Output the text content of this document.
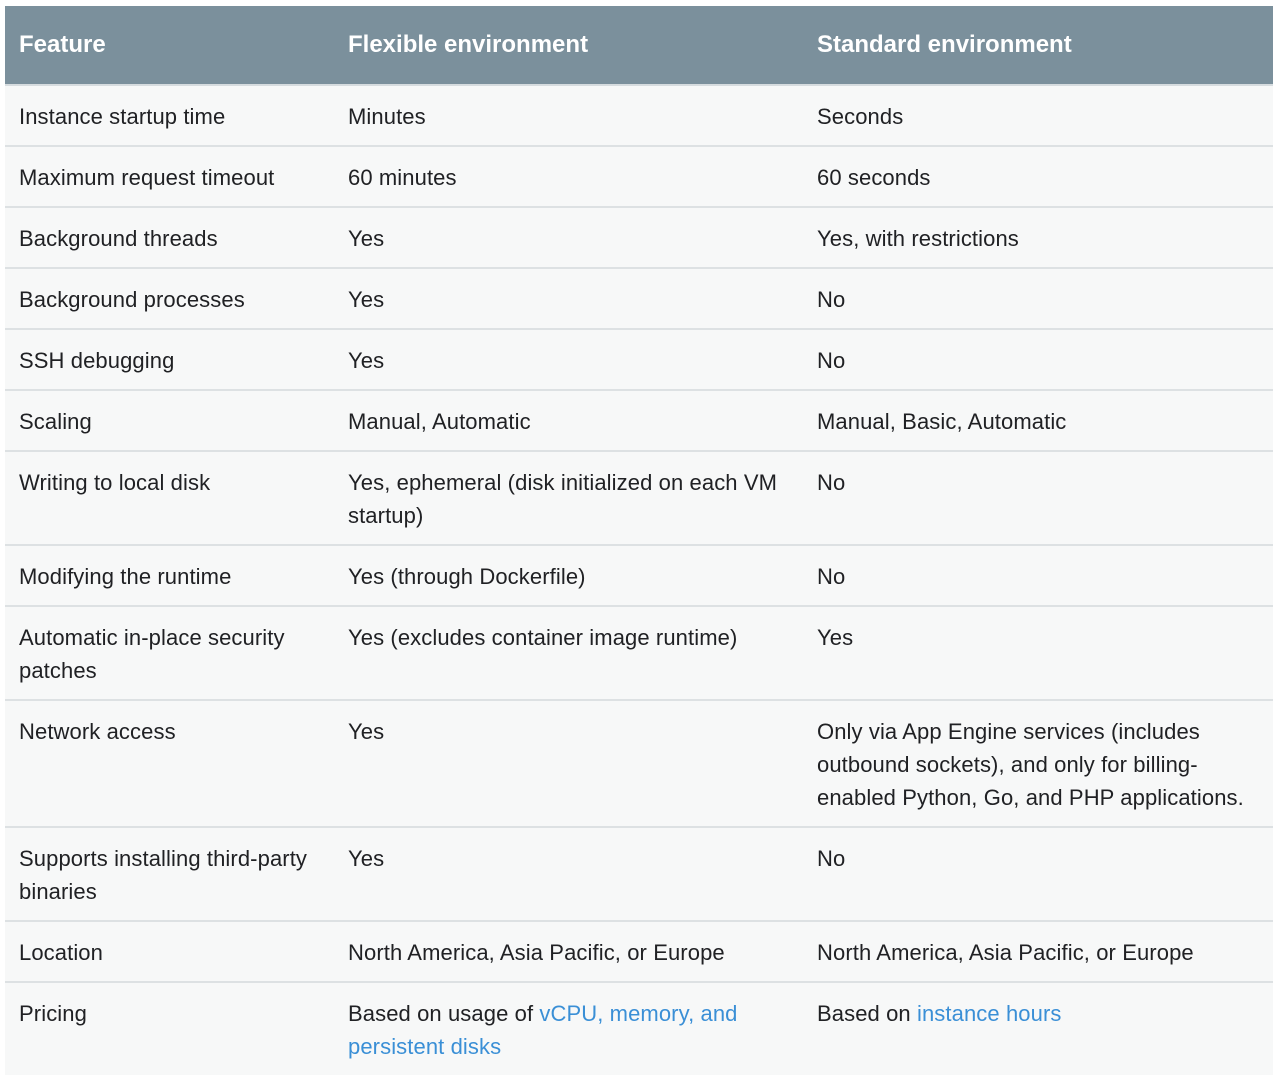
Feature	Flexible environment	Standard environment
Instance startup time	Minutes	Seconds
Maximum request timeout	60 minutes	60 seconds
Background threads	Yes	Yes, with restrictions
Background processes	Yes	No
SSH debugging	Yes	No
Scaling	Manual, Automatic	Manual, Basic, Automatic
Writing to local disk	Yes, ephemeral (disk initialized on each VM startup)	No
Modifying the runtime	Yes (through Dockerfile)	No
Automatic in-place security patches	Yes (excludes container image runtime)	Yes
Network access	Yes	Only via App Engine services (includes outbound sockets), and only for billing-enabled Python, Go, and PHP applications.
Supports installing third-party binaries	Yes	No
Location	North America, Asia Pacific, or Europe	North America, Asia Pacific, or Europe
Pricing	Based on usage of vCPU, memory, and persistent disks	Based on instance hours
